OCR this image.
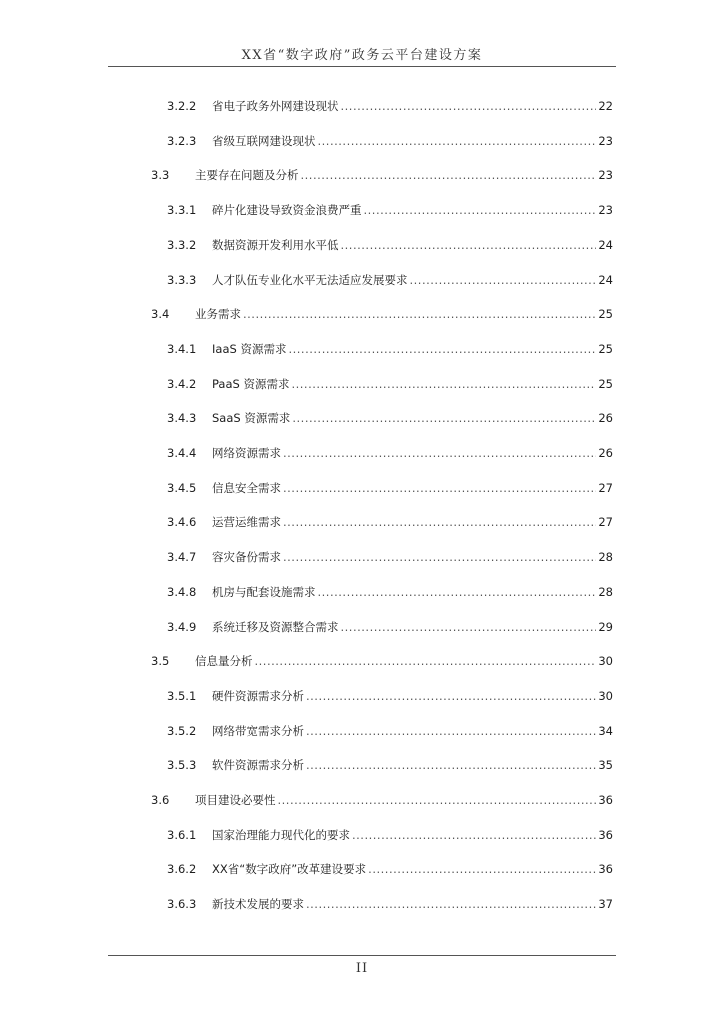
XX省“数字政府”政务云平台建设方案
3.2.2	省电子政务外网建设现状 .....	22
3.2.3	省级互联网建设现状 .....	23
3.3	主要存在问题及分析 .....	23
3.3.1	碎片化建设导致资金浪费严重 .....	23
3.3.2	数据资源开发利用水平低 .....	24
3.3.3	人才队伍专业化水平无法适应发展要求 .....	24
3.4	业务需求 .....	25
3.4.1	IaaS 资源需求 .....	25
3.4.2	PaaS 资源需求 .....	25
3.4.3	SaaS 资源需求 .....	26
3.4.4	网络资源需求 .....	26
3.4.5	信息安全需求 .....	27
3.4.6	运营运维需求 .....	27
3.4.7	容灾备份需求 .....	28
3.4.8	机房与配套设施需求 .....	28
3.4.9	系统迁移及资源整合需求 .....	29
3.5	信息量分析 .....	30
3.5.1	硬件资源需求分析 .....	30
3.5.2	网络带宽需求分析 .....	34
3.5.3	软件资源需求分析 .....	35
3.6	项目建设必要性 .....	36
3.6.1	国家治理能力现代化的要求 .....	36
3.6.2	XX省“数字政府”改革建设要求 .....	36
3.6.3	新技术发展的要求 .....	37
II
